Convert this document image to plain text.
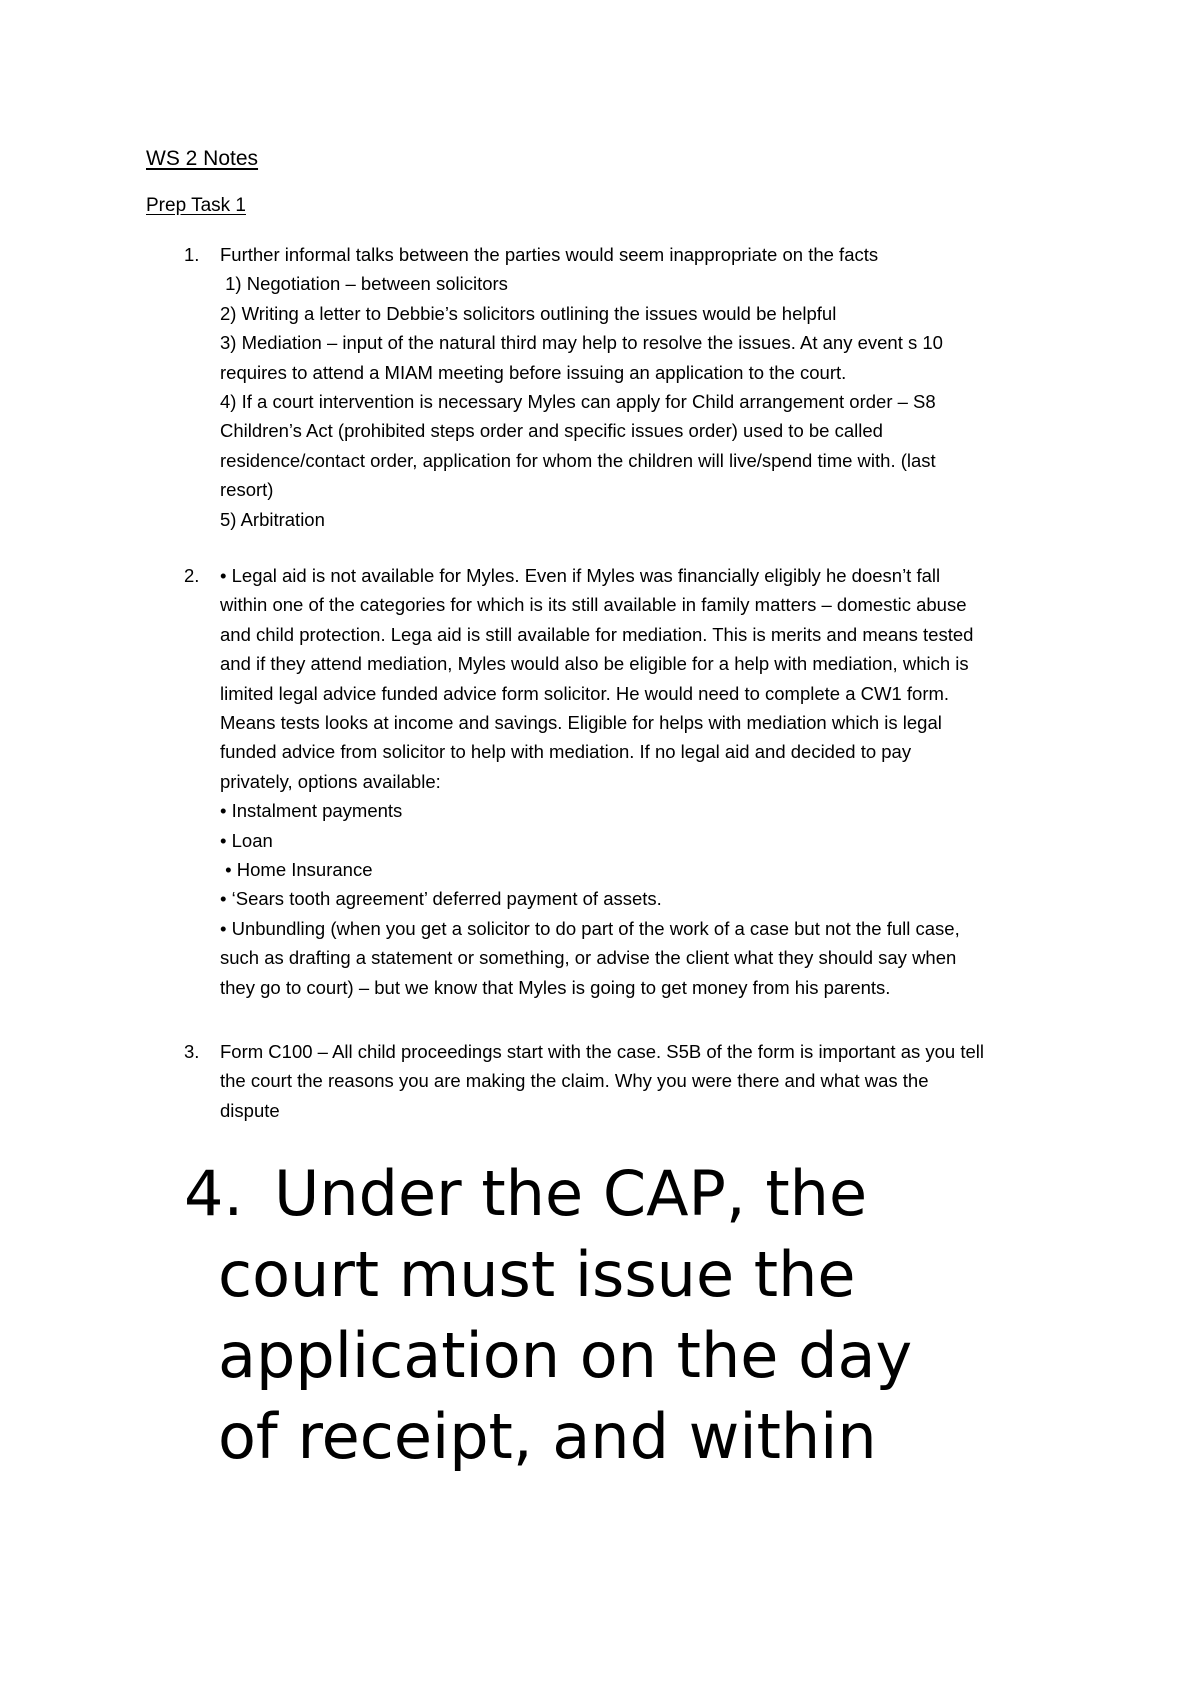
WS 2 Notes
Prep Task 1
1.	Further informal talks between the parties would seem inappropriate on the facts
1) Negotiation – between solicitors
2) Writing a letter to Debbie’s solicitors outlining the issues would be helpful
3) Mediation – input of the natural third may help to resolve the issues. At any event s 10
requires to attend a MIAM meeting before issuing an application to the court.
4) If a court intervention is necessary Myles can apply for Child arrangement order – S8
Children’s Act (prohibited steps order and specific issues order) used to be called
residence/contact order, application for whom the children will live/spend time with. (last
resort)
5) Arbitration
2.	• Legal aid is not available for Myles. Even if Myles was financially eligibly he doesn’t fall
within one of the categories for which is its still available in family matters – domestic abuse
and child protection. Lega aid is still available for mediation. This is merits and means tested
and if they attend mediation, Myles would also be eligible for a help with mediation, which is
limited legal advice funded advice form solicitor. He would need to complete a CW1 form.
Means tests looks at income and savings. Eligible for helps with mediation which is legal
funded advice from solicitor to help with mediation. If no legal aid and decided to pay
privately, options available:
• Instalment payments
• Loan
• Home Insurance
• ‘Sears tooth agreement’ deferred payment of assets.
• Unbundling (when you get a solicitor to do part of the work of a case but not the full case,
such as drafting a statement or something, or advise the client what they should say when
they go to court) – but we know that Myles is going to get money from his parents.
3.	Form C100 – All child proceedings start with the case. S5B of the form is important as you tell
the court the reasons you are making the claim. Why you were there and what was the
dispute
4. Under the CAP, the
court must issue the
application on the day
of receipt, and within
